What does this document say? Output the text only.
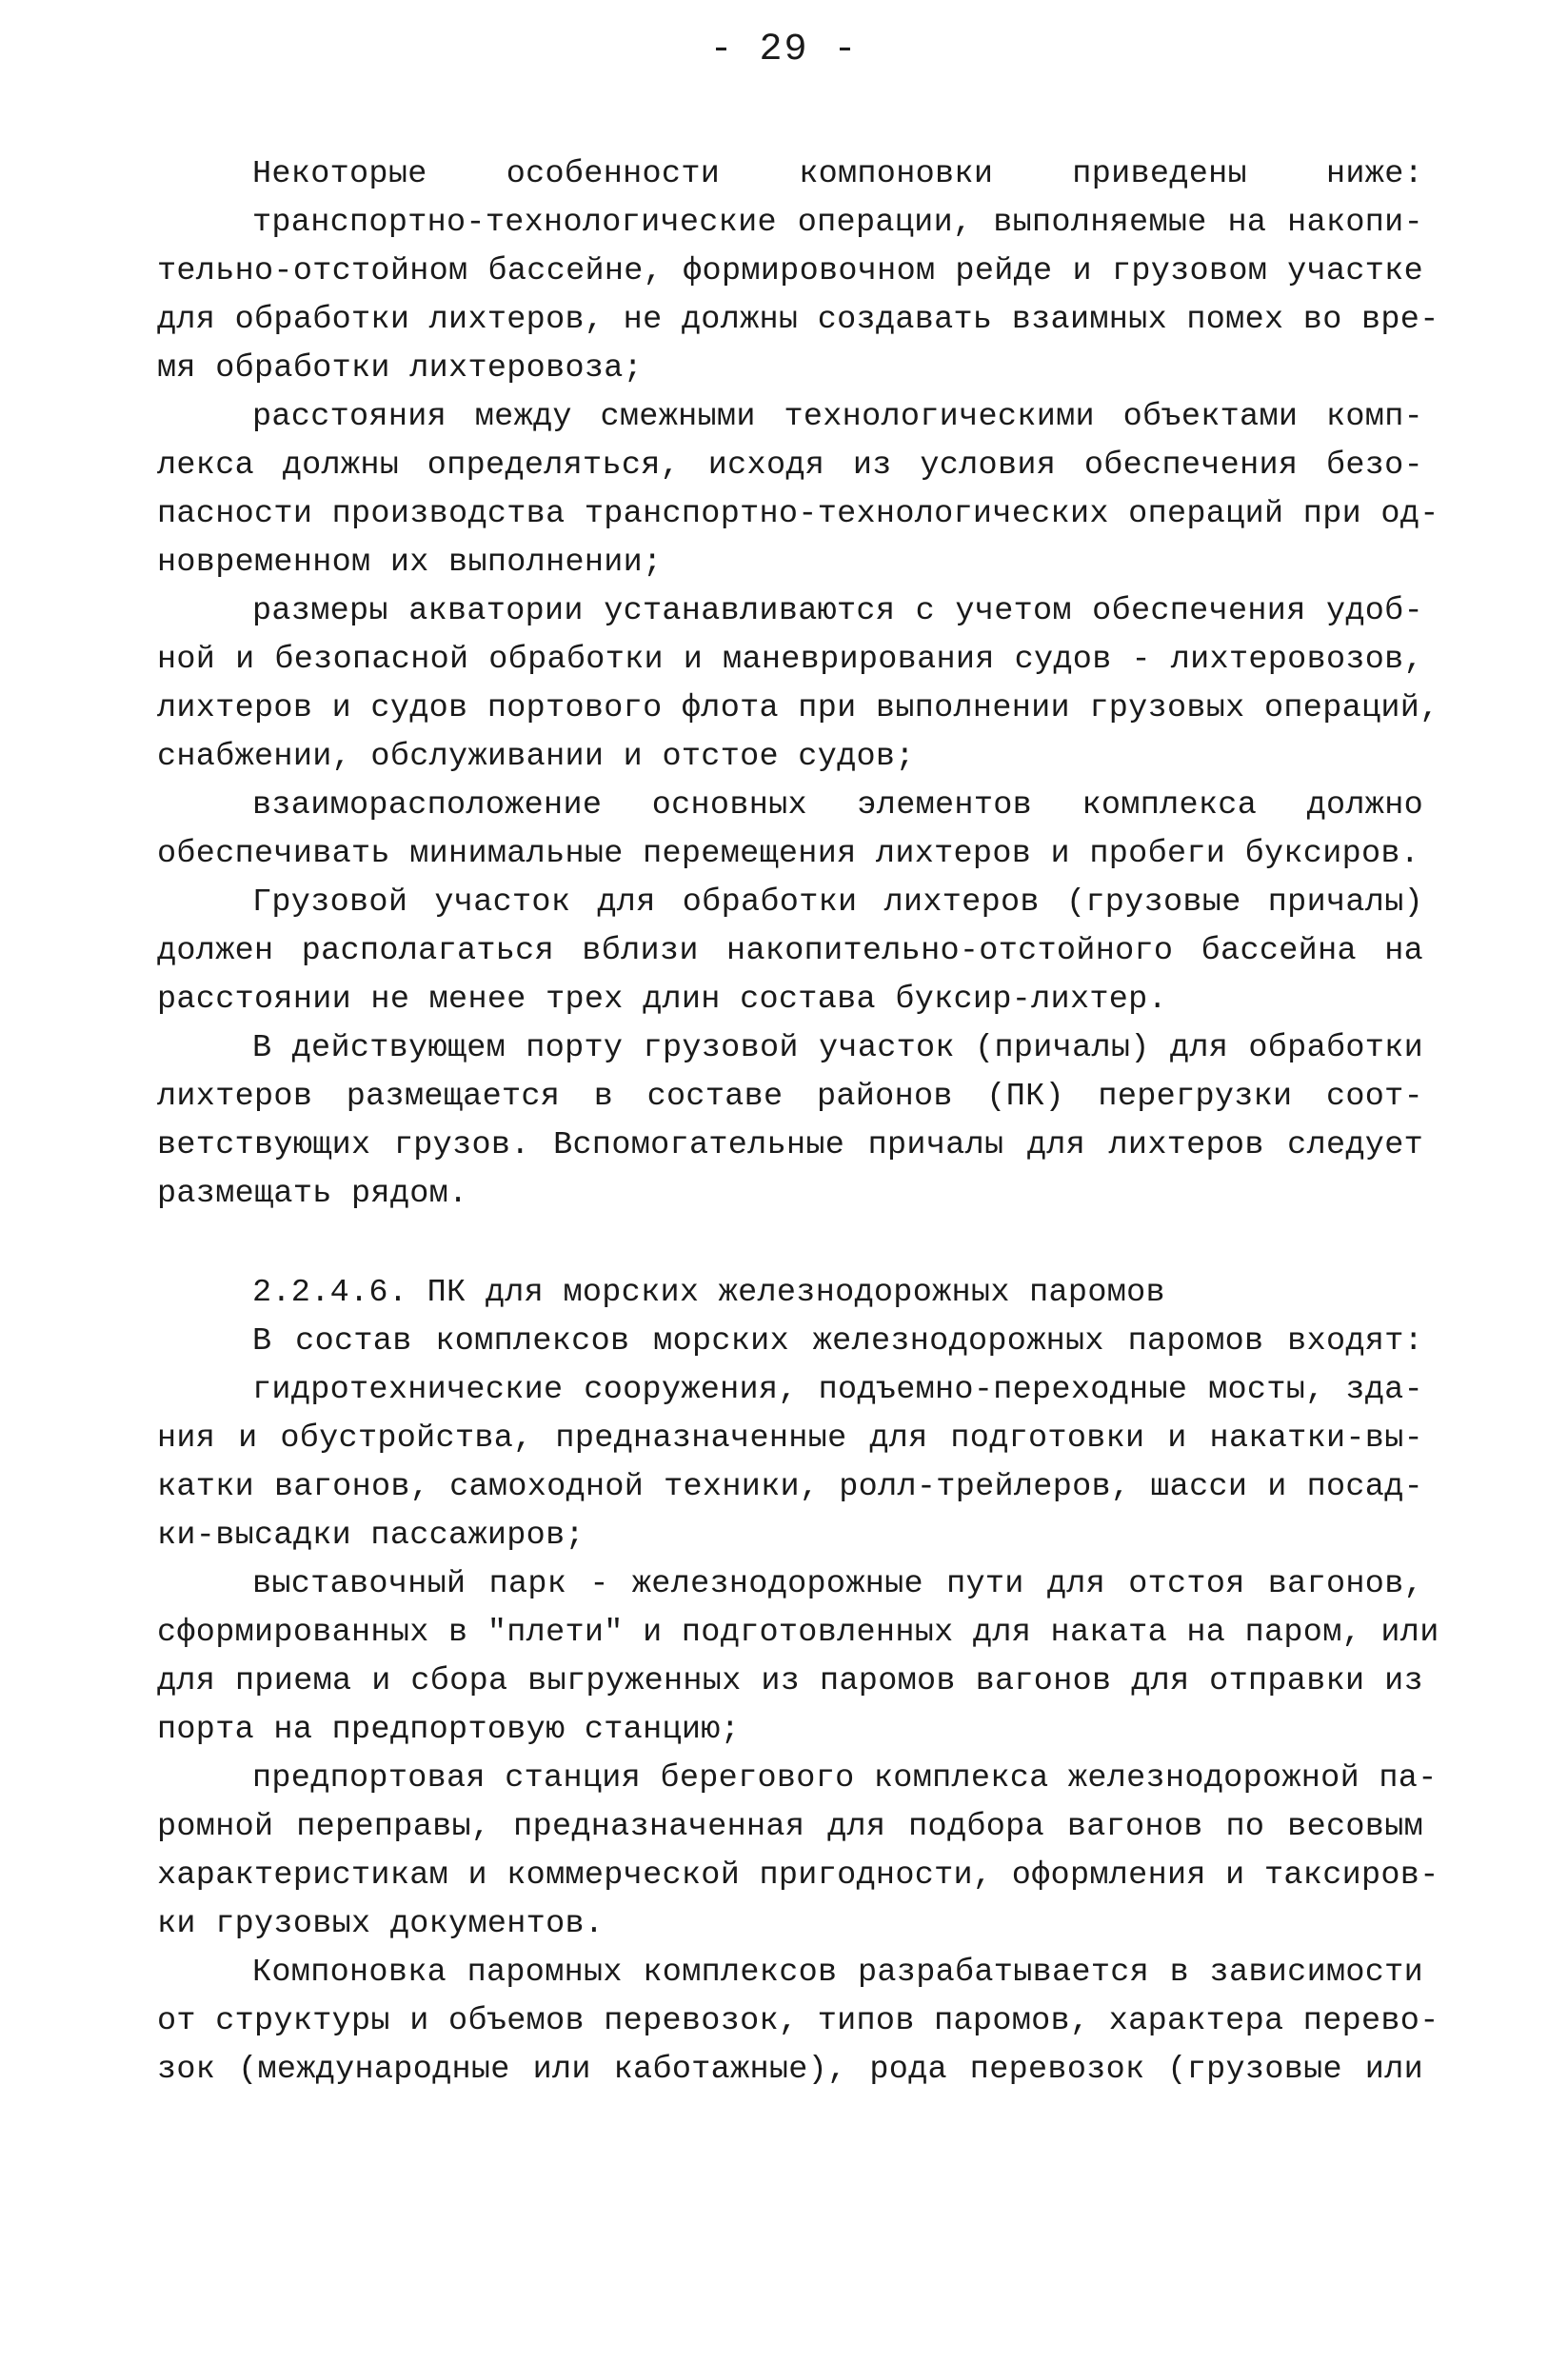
- 29 -
Некоторые особенности компоновки приведены ниже:
транспортно-технологические операции, выполняемые на накопи-
тельно-отстойном бассейне, формировочном рейде и грузовом участке
для обработки лихтеров, не должны создавать взаимных помех во вре-
мя обработки лихтеровоза;
расстояния между смежными технологическими объектами комп-
лекса должны определяться, исходя из условия обеспечения безо-
пасности производства транспортно-технологических операций при од-
новременном их выполнении;
размеры акватории устанавливаются с учетом обеспечения удоб-
ной и безопасной обработки и маневрирования судов - лихтеровозов,
лихтеров и судов портового флота при выполнении грузовых операций,
снабжении, обслуживании и отстое судов;
взаиморасположение основных элементов комплекса должно
обеспечивать минимальные перемещения лихтеров и пробеги буксиров.
Грузовой участок для обработки лихтеров (грузовые причалы)
должен располагаться вблизи накопительно-отстойного бассейна на
расстоянии не менее трех длин состава буксир-лихтер.
В действующем порту грузовой участок (причалы) для обработки
лихтеров размещается в составе районов (ПК) перегрузки соот-
ветствующих грузов. Вспомогательные причалы для лихтеров следует
размещать рядом.
2.2.4.6. ПК для морских железнодорожных паромов
В состав комплексов морских железнодорожных паромов входят:
гидротехнические сооружения, подъемно-переходные мосты, зда-
ния и обустройства, предназначенные для подготовки и накатки-вы-
катки вагонов, самоходной техники, ролл-трейлеров, шасси и посад-
ки-высадки пассажиров;
выставочный парк - железнодорожные пути для отстоя вагонов,
сформированных в "плети" и подготовленных для наката на паром, или
для приема и сбора выгруженных из паромов вагонов для отправки из
порта на предпортовую станцию;
предпортовая станция берегового комплекса железнодорожной па-
ромной переправы, предназначенная для подбора вагонов по весовым
характеристикам и коммерческой пригодности, оформления и таксиров-
ки грузовых документов.
Компоновка паромных комплексов разрабатывается в зависимости
от структуры и объемов перевозок, типов паромов, характера перево-
зок (международные или каботажные), рода перевозок (грузовые или
